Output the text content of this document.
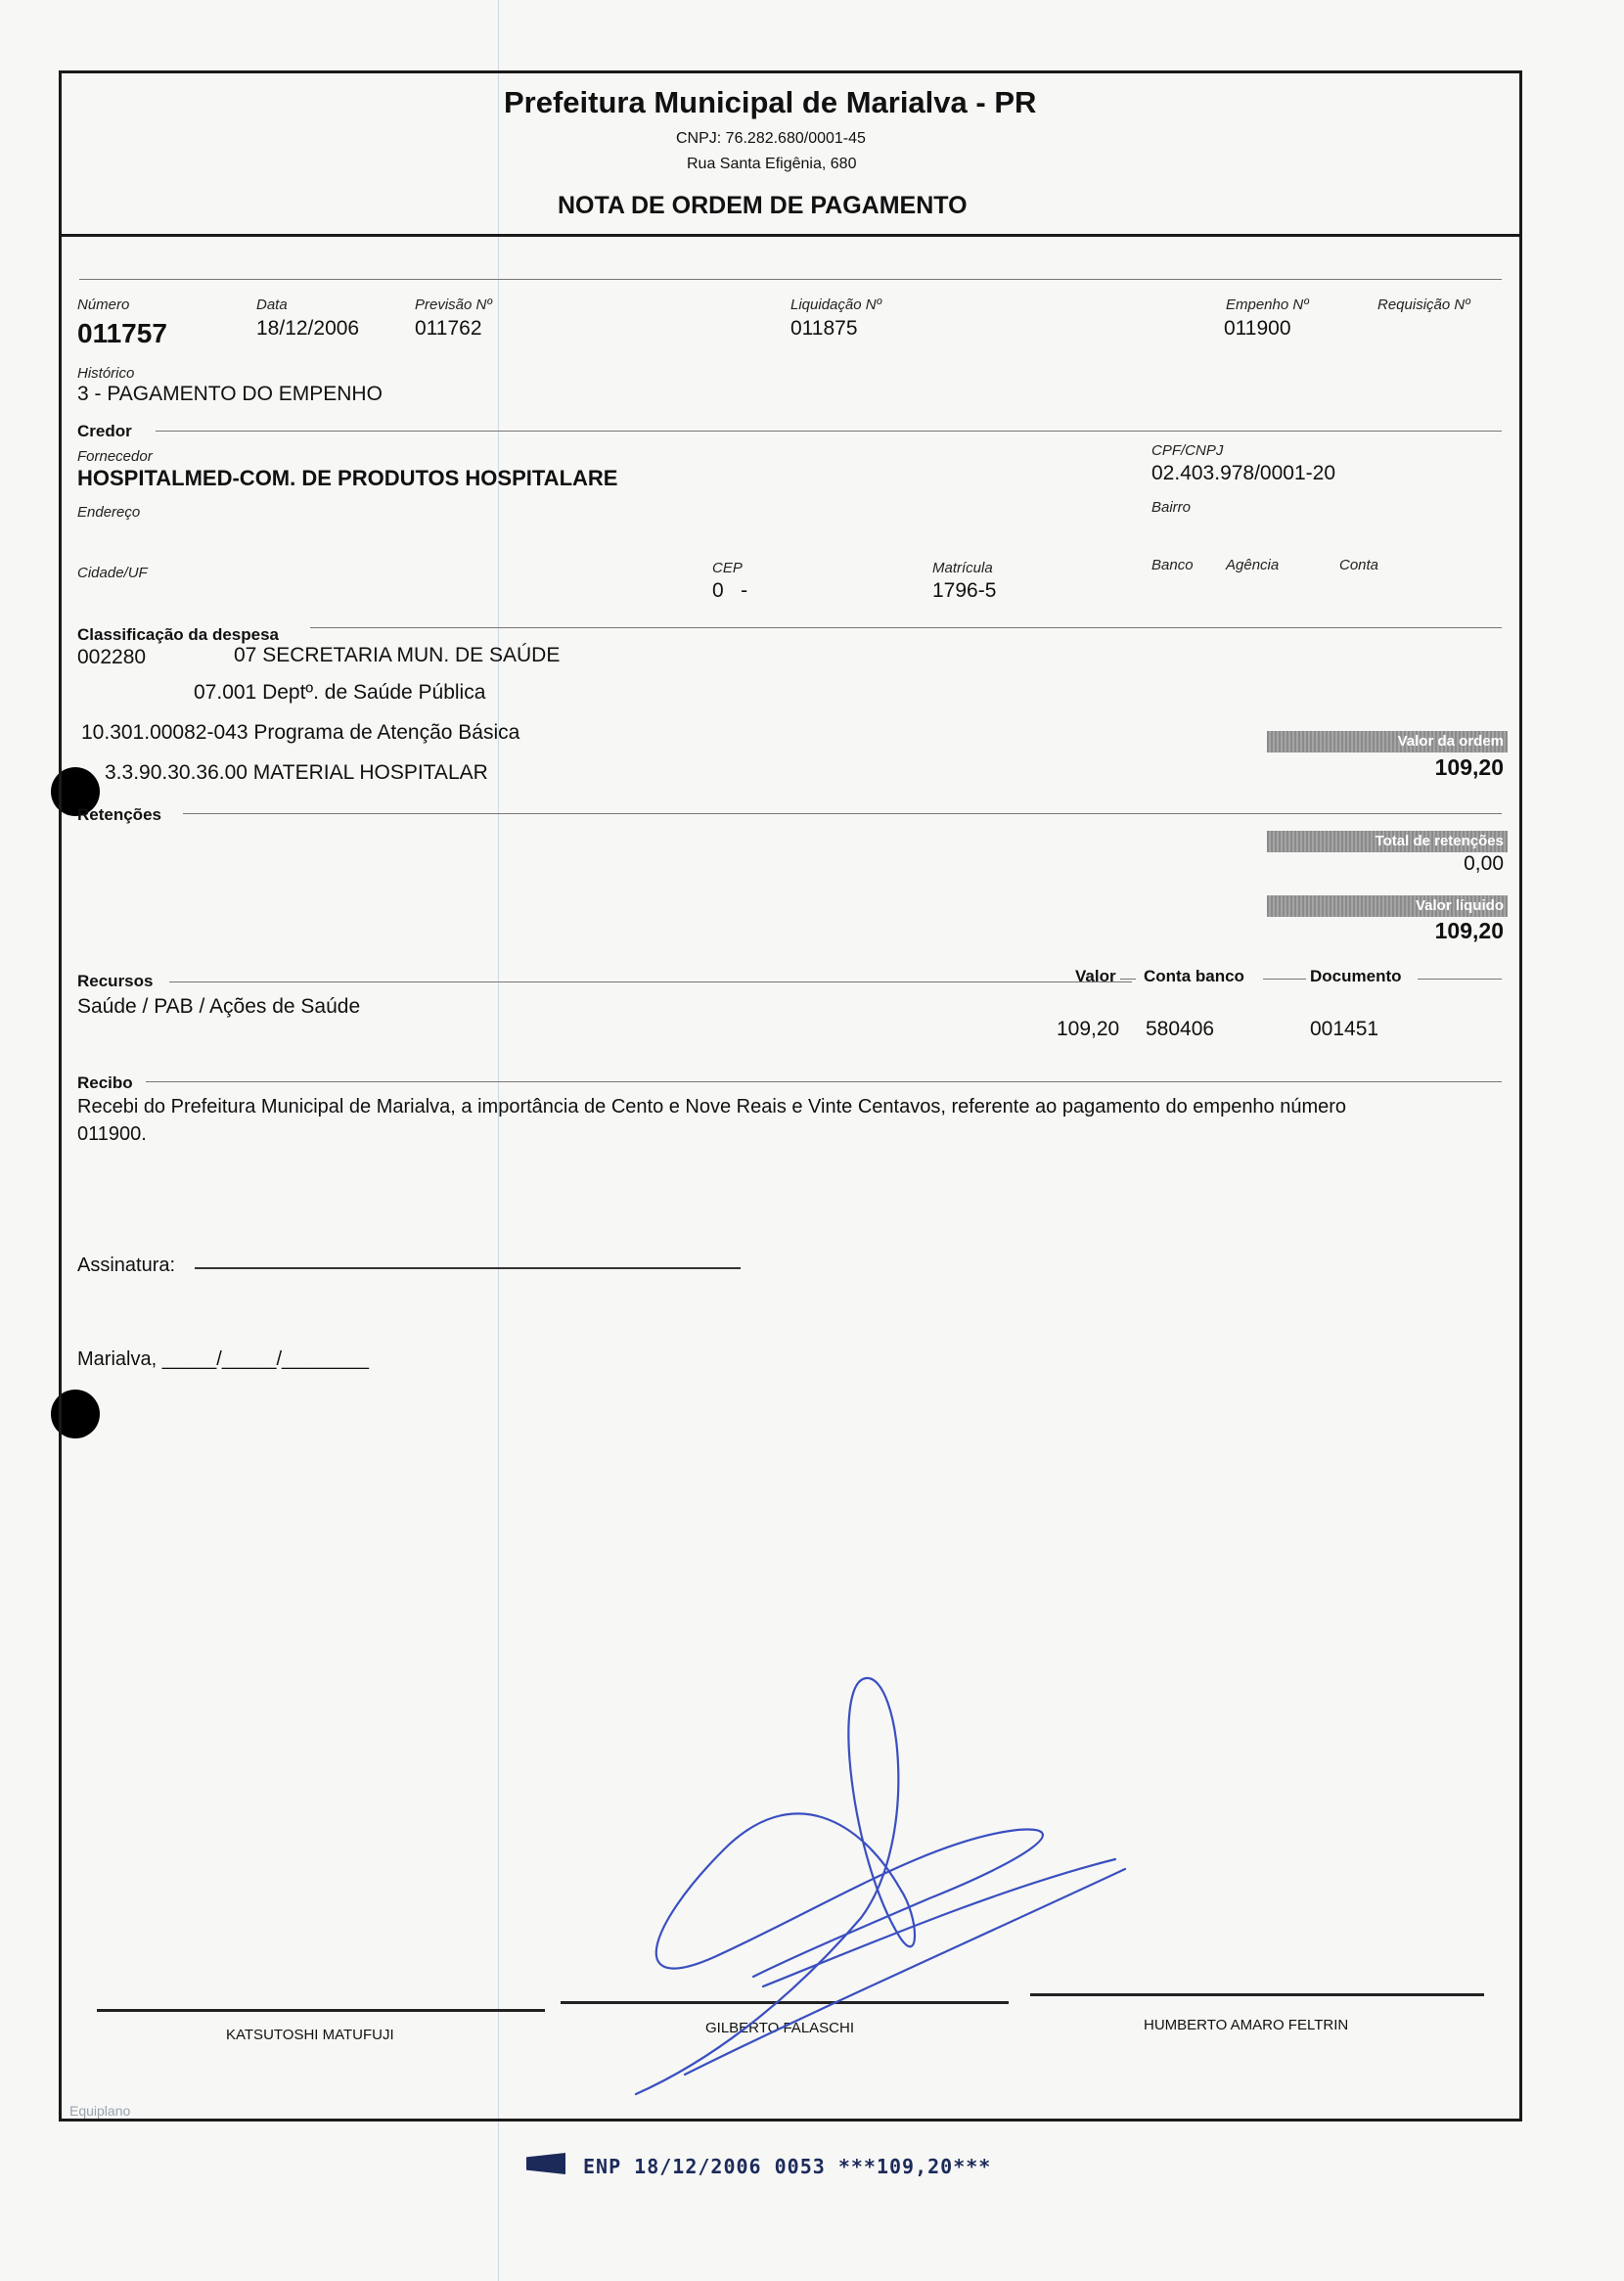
Prefeitura Municipal de Marialva - PR
CNPJ: 76.282.680/0001-45
Rua Santa Efigênia, 680
NOTA DE ORDEM DE PAGAMENTO
Número
011757
Data
18/12/2006
Previsão Nº
011762
Liquidação Nº
011875
Empenho Nº
011900
Requisição Nº
Histórico
3 - PAGAMENTO DO EMPENHO
Credor
Fornecedor
HOSPITALMED-COM. DE PRODUTOS HOSPITALARE
CPF/CNPJ
02.403.978/0001-20
Endereço	Bairro
Cidade/UF	CEP
0   -
Matrícula
1796-5
Banco Agência	Conta
Classificação da despesa
002280	07 SECRETARIA MUN. DE SAÚDE
07.001 Deptº. de Saúde Pública
10.301.00082-043 Programa de Atenção Básica
3.3.90.30.36.00 MATERIAL HOSPITALAR
Valor da ordem
109,20
Retenções
Total de retenções
0,00
Valor líquido
109,20
Recursos	Valor Conta banco	Documento
Saúde / PAB / Ações de Saúde
109,20 580406	001451
Recibo
Recebi do Prefeitura Municipal de Marialva, a importância de Cento e Nove Reais e Vinte Centavos, referente ao pagamento do empenho número
011900.
Assinatura:
Marialva, _____/_____/________
KATSUTOSHI MATUFUJI	GILBERTO FALASCHI	HUMBERTO AMARO FELTRIN
Equiplano
ENP 18/12/2006 0053 ***109,20***
